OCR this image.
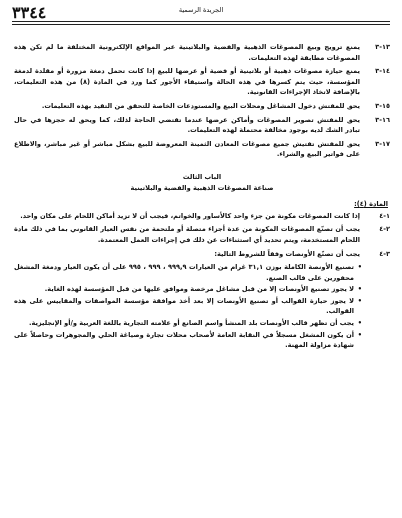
٣٣٤٤	الجريدة الرسمية
١٣-٣
يمنع ترويج وبيع المصوغات الذهبية والفضية والبلاتينية عبر المواقع الإلكترونية المختلفة ما لم تكن هذه المصوغات مطابقة لهذه التعليمات.
١٤-٣
يمنع حيازة مصوغات ذهبية أو بلاتينية أو فضية أو عرضها للبيع إذا كانت تحمل دمغة مزورة أو مقلدة لدمغة المؤسسة، حيث يتم كسرها في هذه الحالة واستيفاء الأجور كما ورد في المادة (٨) من هذه التعليمات، بالإضافة لاتخاذ الإجراءات القانونية.
١٥-٣
يحق للمفتش دخول المشاغل ومحلات البيع والمستودعات الخاصة للتحقق من التقيد بهذه التعليمات.
١٦-٣
يحق للمفتش تصوير المصوغات وأماكن عرضها عندما تقتضي الحاجة لذلك، كما ويحق له حجزها في حال تبادر الشك لديه بوجود مخالفة محتملة لهذه التعليمات.
١٧-٣
يحق للمفتش تفتيش جميع مصوغات المعادن الثمينة المعروضة للبيع بشكل مباشر أو غير مباشر، والاطلاع على فواتير البيع والشراء.
الباب الثالث
صناعة المصوغات الذهبية والفضية والبلاتينية
المادة (٤):
١-٤
إذا كانت المصوغات مكونة من جزء واحد كالأساور والخواتم، فيجب أن لا تزيد أماكن اللحام على مكان واحد.
٢-٤
يجب أن تصنّع المصوغات المكونة من عدة أجزاء متصلة أو ملتحمة من نفس العيار القانوني بما في ذلك مادة اللحام المستخدمة، ويتم تحديد أي استثناءات عن ذلك في إجراءات العمل المعتمدة.
٣-٤
يجب أن تصنّع الأونصات وفقاً للشروط التالية:
• تصنيع الأونصة الكاملة بوزن ٣١,١ غرام من العيارات ٩٩٩,٩ ، ٩٩٩ ، ٩٩٥ على أن يكون العيار ودمغة المشغل محفورين على قالب الصنع.
• لا يجوز تصنيع الأونصات إلا من قبل مشاغل مرخصة وموافق عليها من قبل المؤسسة لهذه الغاية.
• لا يجوز حيازة القوالب أو تصنيع الأونصات إلا بعد أخذ موافقة مؤسسة المواصفات والمقاييس على هذه القوالب.
• يجب أن تظهر قالب الأونصات بلد المنشأ واسم الصانع أو علامته التجارية باللغة العربية و/أو الإنجليزية.
• أن يكون المشغل مسجلاً في النقابة العامة لأصحاب محلات تجارة وصياغة الحلي والمجوهرات وحاصلاً على شهادة مزاولة المهنة.
